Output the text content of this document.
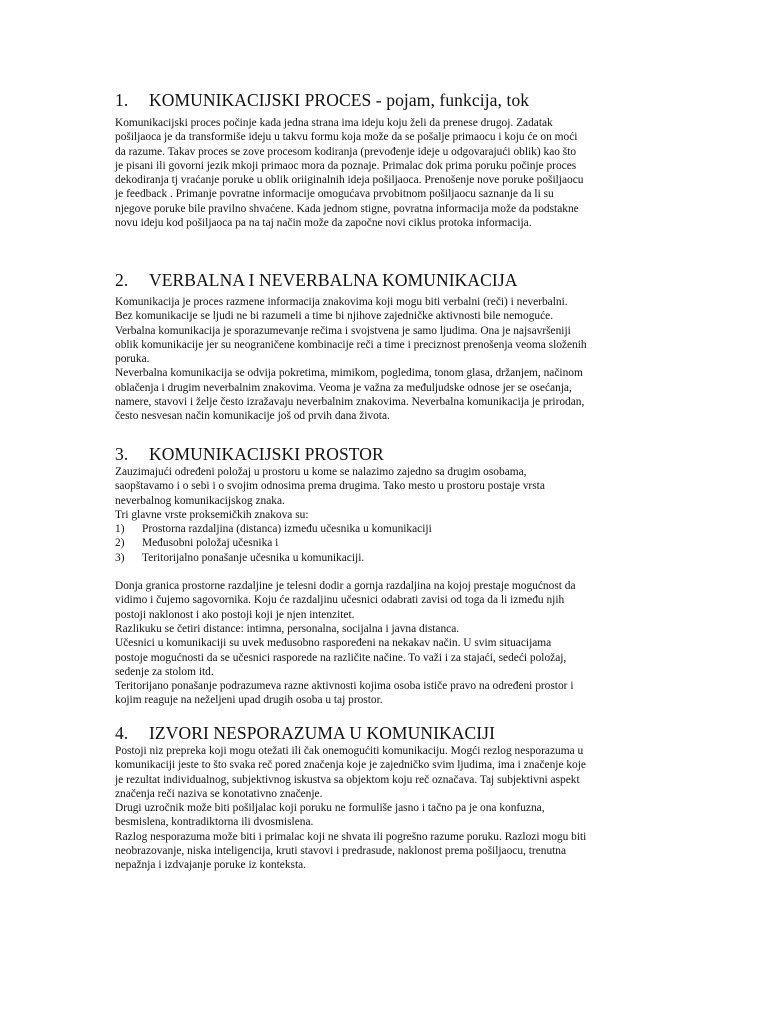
1. KOMUNIKACIJSKI PROCES - pojam, funkcija, tok
Komunikacijski proces počinje kada jedna strana ima ideju koju želi da prenese drugoj. Zadatak
pošiljaoca je da transformiše ideju u takvu formu koja može da se pošalje primaocu i koju će on moći
da razume. Takav proces se zove procesom kodiranja (prevođenje ideje u odgovarajući oblik) kao što
je pisani ili govorni jezik mkoji primaoc mora da poznaje. Primalac dok prima poruku počinje proces
dekodiranja tj vraćanje poruke u oblik oriiginalnih ideja pošiljaoca. Prenošenje nove poruke pošiljaocu
je feedback . Primanje povratne informacije omogućava prvobitnom pošiljaocu saznanje da li su
njegove poruke bile pravilno shvaćene. Kada jednom stigne, povratna informacija može da podstakne
novu ideju kod pošiljaoca pa na taj način može da započne novi ciklus protoka informacija.
2. VERBALNA I NEVERBALNA KOMUNIKACIJA
Komunikacija je proces razmene informacija znakovima koji mogu biti verbalni (reči) i neverbalni.
Bez komunikacije se ljudi ne bi razumeli a time bi njihove zajedničke aktivnosti bile nemoguće.
Verbalna komunikacija je sporazumevanje rečima i svojstvena je samo ljudima. Ona je najsavršeniji
oblik komunikacije jer su neograničene kombinacije reči a time i preciznost prenošenja veoma složenih
poruka.
Neverbalna komunikacija se odvija pokretima, mimikom, pogledima, tonom glasa, držanjem, načinom
oblačenja i drugim neverbalnim znakovima. Veoma je važna za međuljudske odnose jer se osećanja,
namere, stavovi i želje često izražavaju neverbalnim znakovima. Neverbalna komunikacija je prirodan,
često nesvesan način komunikacije još od prvih dana života.
3. KOMUNIKACIJSKI PROSTOR
Zauzimajući određeni položaj u prostoru u kome se nalazimo zajedno sa drugim osobama,
saopštavamo i o sebi i o svojim odnosima prema drugima. Tako mesto u prostoru postaje vrsta
neverbalnog komunikacijskog znaka.
Tri glavne vrste proksemičkih znakova su:
1) Prostorna razdaljina (distanca) između učesnika u komunikaciji
2) Međusobni položaj učesnika i
3) Teritorijalno ponašanje učesnika u komunikaciji.
Donja granica prostorne razdaljine je telesni dodir a gornja razdaljina na kojoj prestaje mogućnost da
vidimo i čujemo sagovornika. Koju će razdaljinu učesnici odabrati zavisi od toga da li između njih
postoji naklonost i ako postoji koji je njen intenzitet.
Razlikuku se četiri distance: intimna, personalna, socijalna i javna distanca.
Učesnici u komunikaciji su uvek međusobno raspoređeni na nekakav način. U svim situacijama
postoje mogućnosti da se učesnici rasporede na različite načine. To važi i za stajaći, sedeći položaj,
sedenje za stolom itd.
Teritorijano ponašanje podrazumeva razne aktivnosti kojima osoba ističe pravo na određeni prostor i
kojim reaguje na neželjeni upad drugih osoba u taj prostor.
4. IZVORI NESPORAZUMA U KOMUNIKACIJI
Postoji niz prepreka koji mogu otežati ili čak onemogućiti komunikaciju. Mogći rezlog nesporazuma u
komunikaciji jeste to što svaka reč pored značenja koje je zajedničko svim ljudima, ima i značenje koje
je rezultat individualnog, subjektivnog iskustva sa objektom koju reč označava. Taj subjektivni aspekt
značenja reči naziva se konotativno značenje.
Drugi uzročnik može biti pošiljalac koji poruku ne formuliše jasno i tačno pa je ona konfuzna,
besmislena, kontradiktorna ili dvosmislena.
Razlog nesporazuma može biti i primalac koji ne shvata ili pogrešno razume poruku. Razlozi mogu biti
neobrazovanje, niska inteligencija, kruti stavovi i predrasude, naklonost prema pošiljaocu, trenutna
nepažnja i izdvajanje poruke iz konteksta.
